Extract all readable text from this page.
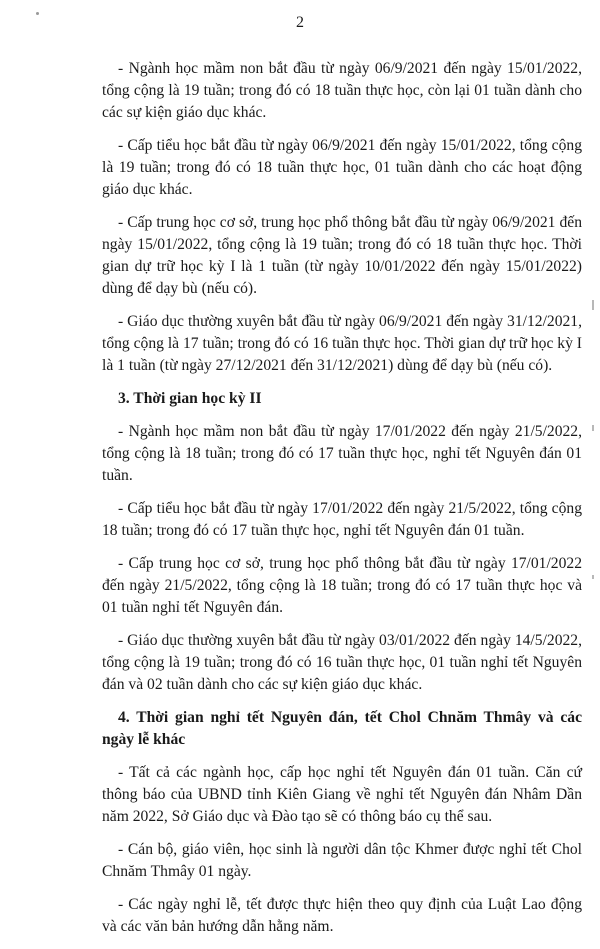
2

- Ngành học mầm non bắt đầu từ ngày 06/9/2021 đến ngày 15/01/2022, tổng cộng là 19 tuần; trong đó có 18 tuần thực học, còn lại 01 tuần dành cho các sự kiện giáo dục khác.

- Cấp tiểu học bắt đầu từ ngày 06/9/2021 đến ngày 15/01/2022, tổng cộng là 19 tuần; trong đó có 18 tuần thực học, 01 tuần dành cho các hoạt động giáo dục khác.

- Cấp trung học cơ sở, trung học phổ thông bắt đầu từ ngày 06/9/2021 đến ngày 15/01/2022, tổng cộng là 19 tuần; trong đó có 18 tuần thực học. Thời gian dự trữ học kỳ I là 1 tuần (từ ngày 10/01/2022 đến ngày 15/01/2022) dùng để dạy bù (nếu có).

- Giáo dục thường xuyên bắt đầu từ ngày 06/9/2021 đến ngày 31/12/2021, tổng cộng là 17 tuần; trong đó có 16 tuần thực học. Thời gian dự trữ học kỳ I là 1 tuần (từ ngày 27/12/2021 đến 31/12/2021) dùng để dạy bù (nếu có).

3. Thời gian học kỳ II

- Ngành học mầm non bắt đầu từ ngày 17/01/2022 đến ngày 21/5/2022, tổng cộng là 18 tuần; trong đó có 17 tuần thực học, nghỉ tết Nguyên đán 01 tuần.

- Cấp tiểu học bắt đầu từ ngày 17/01/2022 đến ngày 21/5/2022, tổng cộng 18 tuần; trong đó có 17 tuần thực học, nghỉ tết Nguyên đán 01 tuần.

- Cấp trung học cơ sở, trung học phổ thông bắt đầu từ ngày 17/01/2022 đến ngày 21/5/2022, tổng cộng là 18 tuần; trong đó có 17 tuần thực học và 01 tuần nghỉ tết Nguyên đán.

- Giáo dục thường xuyên bắt đầu từ ngày 03/01/2022 đến ngày 14/5/2022, tổng cộng là 19 tuần; trong đó có 16 tuần thực học, 01 tuần nghỉ tết Nguyên đán và 02 tuần dành cho các sự kiện giáo dục khác.

4. Thời gian nghỉ tết Nguyên đán, tết Chol Chnăm Thmây và các ngày lễ khác

- Tất cả các ngành học, cấp học nghỉ tết Nguyên đán 01 tuần. Căn cứ thông báo của UBND tỉnh Kiên Giang về nghỉ tết Nguyên đán Nhâm Dần năm 2022, Sở Giáo dục và Đào tạo sẽ có thông báo cụ thể sau.

- Cán bộ, giáo viên, học sinh là người dân tộc Khmer được nghỉ tết Chol Chnăm Thmây 01 ngày.

- Các ngày nghỉ lễ, tết được thực hiện theo quy định của Luật Lao động và các văn bản hướng dẫn hằng năm.
